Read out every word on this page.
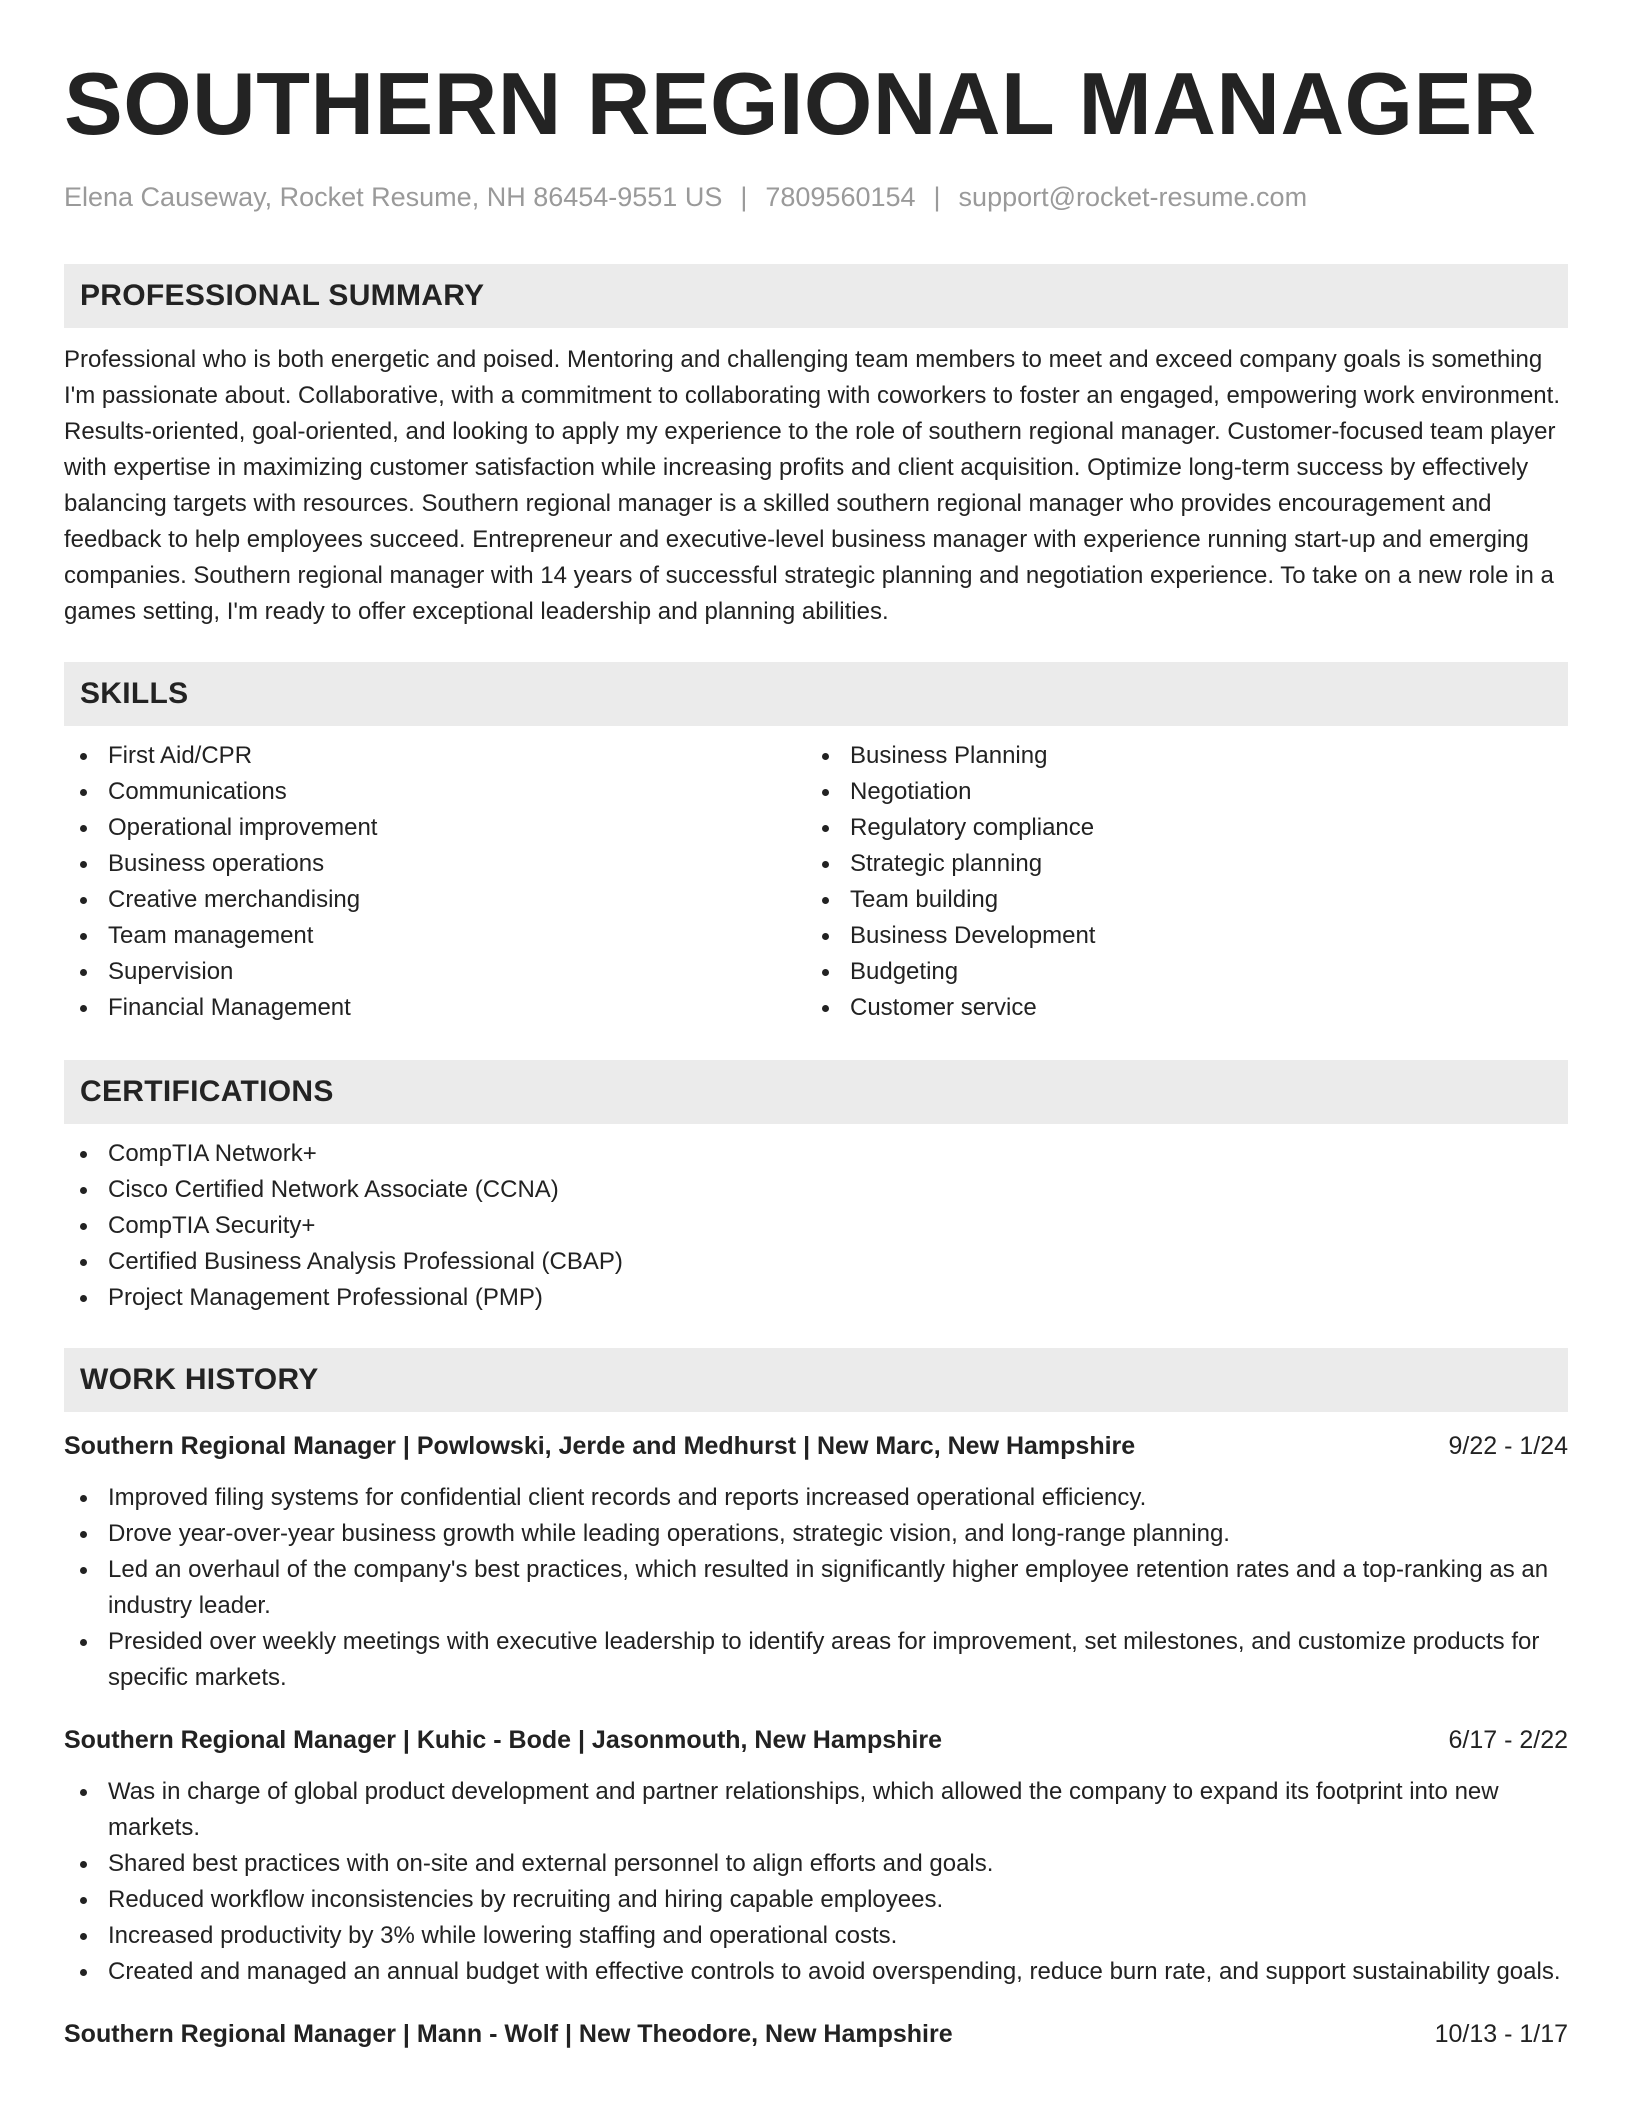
SOUTHERN REGIONAL MANAGER
Elena Causeway, Rocket Resume, NH 86454-9551 US | 7809560154 | support@rocket-resume.com
PROFESSIONAL SUMMARY

Professional who is both energetic and poised. Mentoring and challenging team members to meet and exceed company goals is something I'm passionate about. Collaborative, with a commitment to collaborating with coworkers to foster an engaged, empowering work environment. Results-oriented, goal-oriented, and looking to apply my experience to the role of southern regional manager. Customer-focused team player with expertise in maximizing customer satisfaction while increasing profits and client acquisition. Optimize long-term success by effectively balancing targets with resources. Southern regional manager is a skilled southern regional manager who provides encouragement and feedback to help employees succeed. Entrepreneur and executive-level business manager with experience running start-up and emerging companies. Southern regional manager with 14 years of successful strategic planning and negotiation experience. To take on a new role in a games setting, I'm ready to offer exceptional leadership and planning abilities.

SKILLS
First Aid/CPR
Communications
Operational improvement
Business operations
Creative merchandising
Team management
Supervision
Financial Management
Business Planning
Negotiation
Regulatory compliance
Strategic planning
Team building
Business Development
Budgeting
Customer service
CERTIFICATIONS
CompTIA Network+
Cisco Certified Network Associate (CCNA)
CompTIA Security+
Certified Business Analysis Professional (CBAP)
Project Management Professional (PMP)
WORK HISTORY
Southern Regional Manager | Powlowski, Jerde and Medhurst | New Marc, New Hampshire	9/22 - 1/24
Improved filing systems for confidential client records and reports increased operational efficiency.
Drove year-over-year business growth while leading operations, strategic vision, and long-range planning.
Led an overhaul of the company's best practices, which resulted in significantly higher employee retention rates and a top-ranking as an industry leader.
Presided over weekly meetings with executive leadership to identify areas for improvement, set milestones, and customize products for specific markets.
Southern Regional Manager | Kuhic - Bode | Jasonmouth, New Hampshire	6/17 - 2/22
Was in charge of global product development and partner relationships, which allowed the company to expand its footprint into new markets.
Shared best practices with on-site and external personnel to align efforts and goals.
Reduced workflow inconsistencies by recruiting and hiring capable employees.
Increased productivity by 3% while lowering staffing and operational costs.
Created and managed an annual budget with effective controls to avoid overspending, reduce burn rate, and support sustainability goals.
Southern Regional Manager | Mann - Wolf | New Theodore, New Hampshire	10/13 - 1/17
